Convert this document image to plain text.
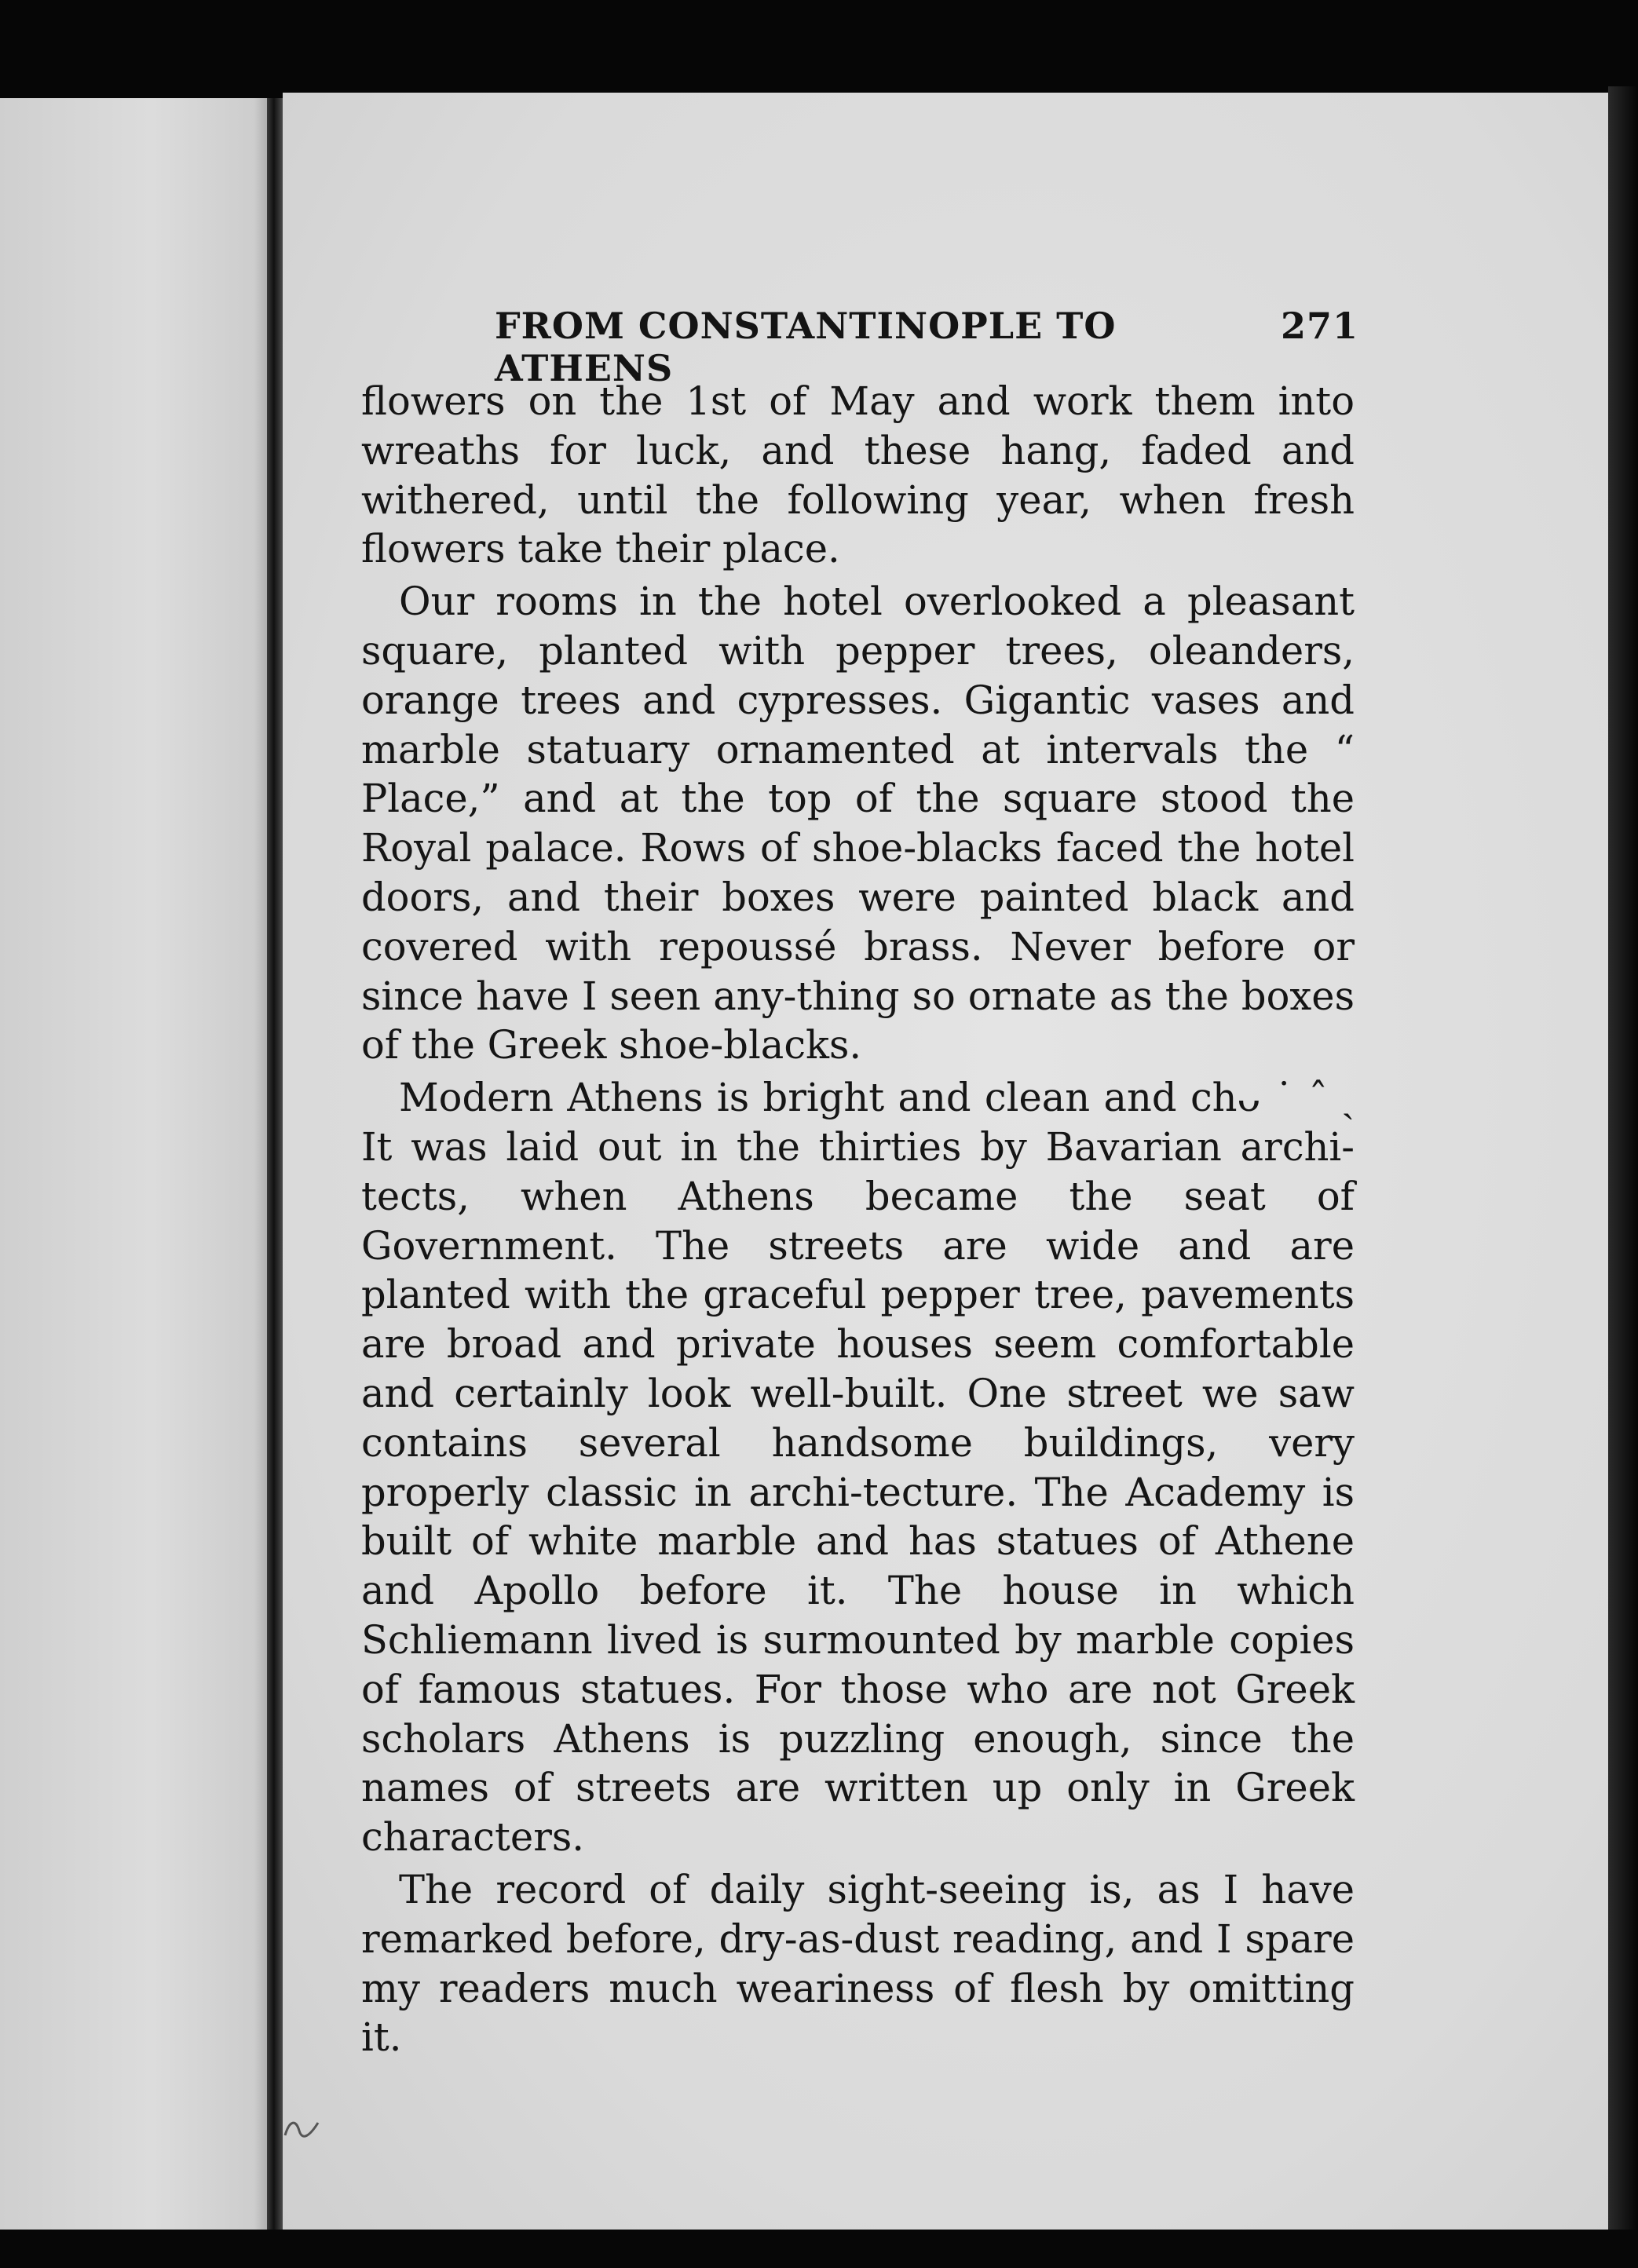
FROM CONSTANTINOPLE TO ATHENS
271

flowers on the 1st of May and work them into wreaths for luck, and these hang, faded and withered, until the following year, when fresh flowers take their place.

Our rooms in the hotel overlooked a pleasant square, planted with pepper trees, oleanders, orange trees and cypresses. Gigantic vases and marble statuary ornamented at intervals the “ Place,” and at the top of the square stood the Royal palace. Rows of shoe-blacks faced the hotel doors, and their boxes were painted black and covered with repoussé brass. Never before or since have I seen any-thing so ornate as the boxes of the Greek shoe-blacks.

Modern Athens is bright and clean and chᴗ ˙ ˆ ˎ It was laid out in the thirties by Bavarian archi-tects, when Athens became the seat of Government. The streets are wide and are planted with the graceful pepper tree, pavements are broad and private houses seem comfortable and certainly look well-built. One street we saw contains several handsome buildings, very properly classic in archi-tecture. The Academy is built of white marble and has statues of Athene and Apollo before it. The house in which Schliemann lived is surmounted by marble copies of famous statues. For those who are not Greek scholars Athens is puzzling enough, since the names of streets are written up only in Greek characters.

The record of daily sight-seeing is, as I have remarked before, dry-as-dust reading, and I spare my readers much weariness of flesh by omitting it.
